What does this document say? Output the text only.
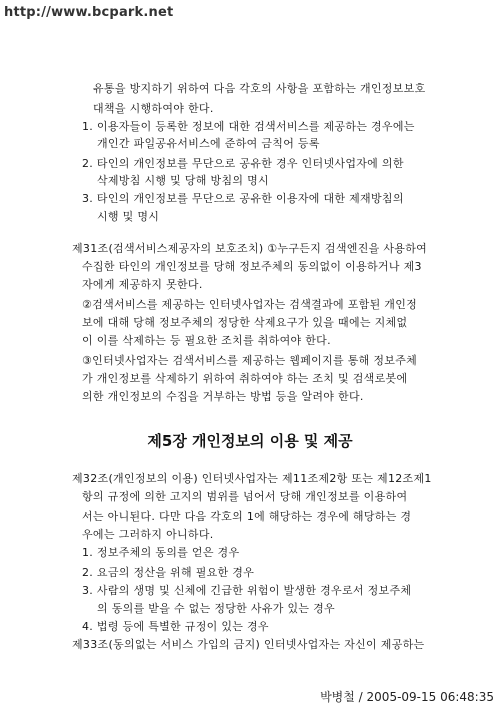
http://www.bcpark.net
유통을 방지하기 위하여 다음 각호의 사항을 포함하는 개인정보보호
대책을 시행하여야 한다.
1. 이용자들이 등록한 정보에 대한 검색서비스를 제공하는 경우에는
개인간 파일공유서비스에 준하여 금칙어 등록
2. 타인의 개인정보를 무단으로 공유한 경우 인터넷사업자에 의한
삭제방침 시행 및 당해 방침의 명시
3. 타인의 개인정보를 무단으로 공유한 이용자에 대한 제재방침의
시행 및 명시
제31조(검색서비스제공자의 보호조치) ①누구든지 검색엔진을 사용하여
수집한 타인의 개인정보를 당해 정보주체의 동의없이 이용하거나 제3
자에게 제공하지 못한다.
②검색서비스를 제공하는 인터넷사업자는 검색결과에 포함된 개인정
보에 대해 당해 정보주체의 정당한 삭제요구가 있을 때에는 지체없
이 이를 삭제하는 등 필요한 조치를 취하여야 한다.
③인터넷사업자는 검색서비스를 제공하는 웹페이지를 통해 정보주체
가 개인정보를 삭제하기 위하여 취하여야 하는 조치 및 검색로봇에
의한 개인정보의 수집을 거부하는 방법 등을 알려야 한다.
제5장 개인정보의 이용 및 제공
제32조(개인정보의 이용) 인터넷사업자는 제11조제2항 또는 제12조제1
항의 규정에 의한 고지의 범위를 넘어서 당해 개인정보를 이용하여
서는 아니된다. 다만 다음 각호의 1에 해당하는 경우에 해당하는 경
우에는 그러하지 아니하다.
1. 정보주체의 동의를 얻은 경우
2. 요금의 정산을 위해 필요한 경우
3. 사람의 생명 및 신체에 긴급한 위험이 발생한 경우로서 정보주체
의 동의를 받을 수 없는 정당한 사유가 있는 경우
4. 법령 등에 특별한 규정이 있는 경우
제33조(동의없는 서비스 가입의 금지) 인터넷사업자는 자신이 제공하는
박병철 / 2005-09-15 06:48:35
